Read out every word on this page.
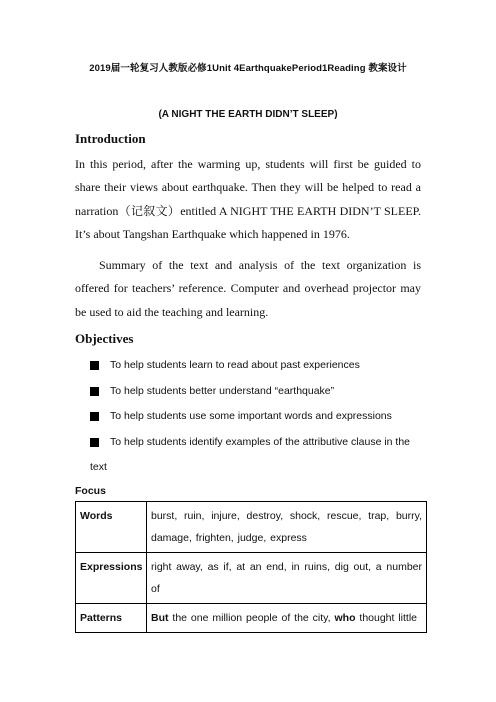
2019届一轮复习人教版必修1Unit 4EarthquakePeriod1Reading 教案设计
(A NIGHT THE EARTH DIDN’T SLEEP)
Introduction

In this period, after the warming up, students will first be guided to share their views about earthquake. Then they will be helped to read a narration（记叙文）entitled A NIGHT THE EARTH DIDN’T SLEEP. It’s about Tangshan Earthquake which happened in 1976.

Summary of the text and analysis of the text organization is offered for teachers’ reference. Computer and overhead projector may be used to aid the teaching and learning.

Objectives
To help students learn to read about past experiences
To help students better understand “earthquake”
To help students use some important words and expressions
To help students identify examples of the attributive clause in the
text
Focus
Words	burst, ruin, injure, destroy, shock, rescue, trap, burry, damage, frighten, judge, express
Expressions	right away, as if, at an end, in ruins, dig out, a number of
Patterns	But the one million people of the city, who thought little
